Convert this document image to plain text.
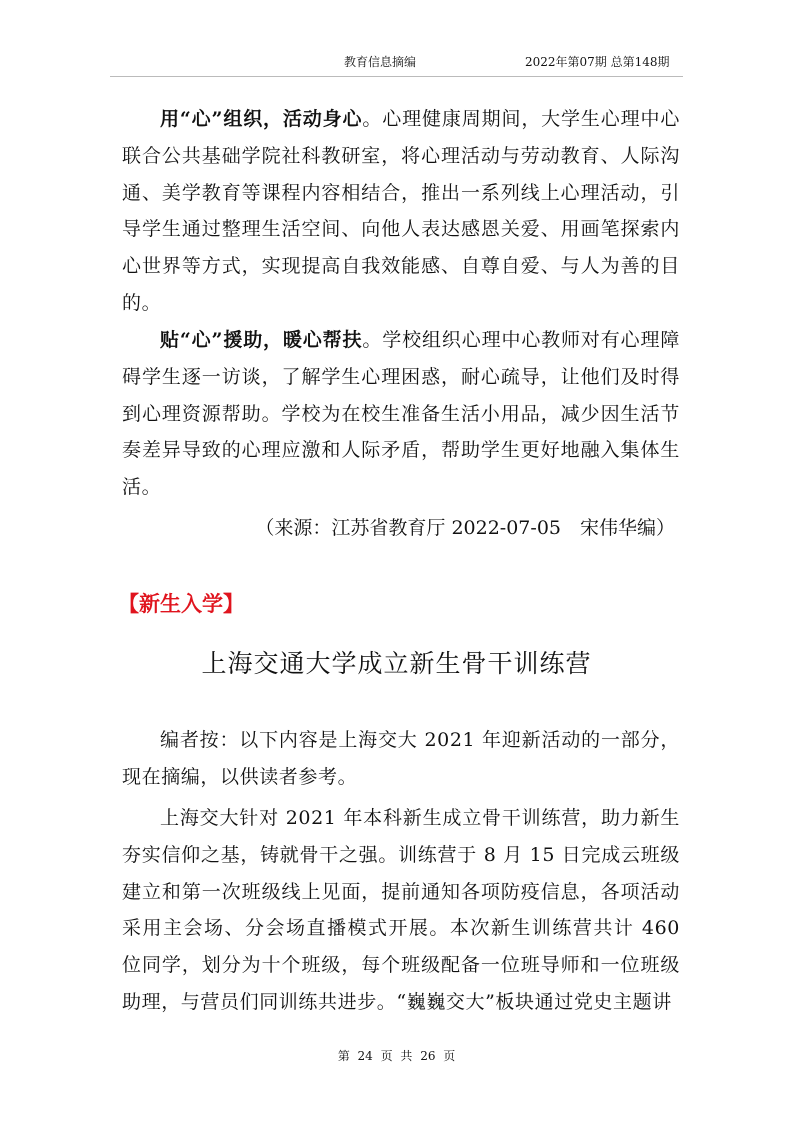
教育信息摘编	2022年第07期 总第148期

用“心”组织，活动身心。心理健康周期间，大学生心理中心联合公共基础学院社科教研室，将心理活动与劳动教育、人际沟通、美学教育等课程内容相结合，推出一系列线上心理活动，引导学生通过整理生活空间、向他人表达感恩关爱、用画笔探索内心世界等方式，实现提高自我效能感、自尊自爱、与人为善的目的。

贴“心”援助，暖心帮扶。学校组织心理中心教师对有心理障碍学生逐一访谈，了解学生心理困惑，耐心疏导，让他们及时得到心理资源帮助。学校为在校生准备生活小用品，减少因生活节奏差异导致的心理应激和人际矛盾，帮助学生更好地融入集体生活。

（来源：江苏省教育厅 2022-07-05　宋伟华编）
【新生入学】
上海交通大学成立新生骨干训练营

编者按：以下内容是上海交大 2021 年迎新活动的一部分，现在摘编，以供读者参考。

上海交大针对 2021 年本科新生成立骨干训练营，助力新生夯实信仰之基，铸就骨干之强。训练营于 8 月 15 日完成云班级建立和第一次班级线上见面，提前通知各项防疫信息，各项活动采用主会场、分会场直播模式开展。本次新生训练营共计 460 位同学，划分为十个班级，每个班级配备一位班导师和一位班级助理，与营员们同训练共进步。“巍巍交大”板块通过党史主题讲

第 24 页 共 26 页
